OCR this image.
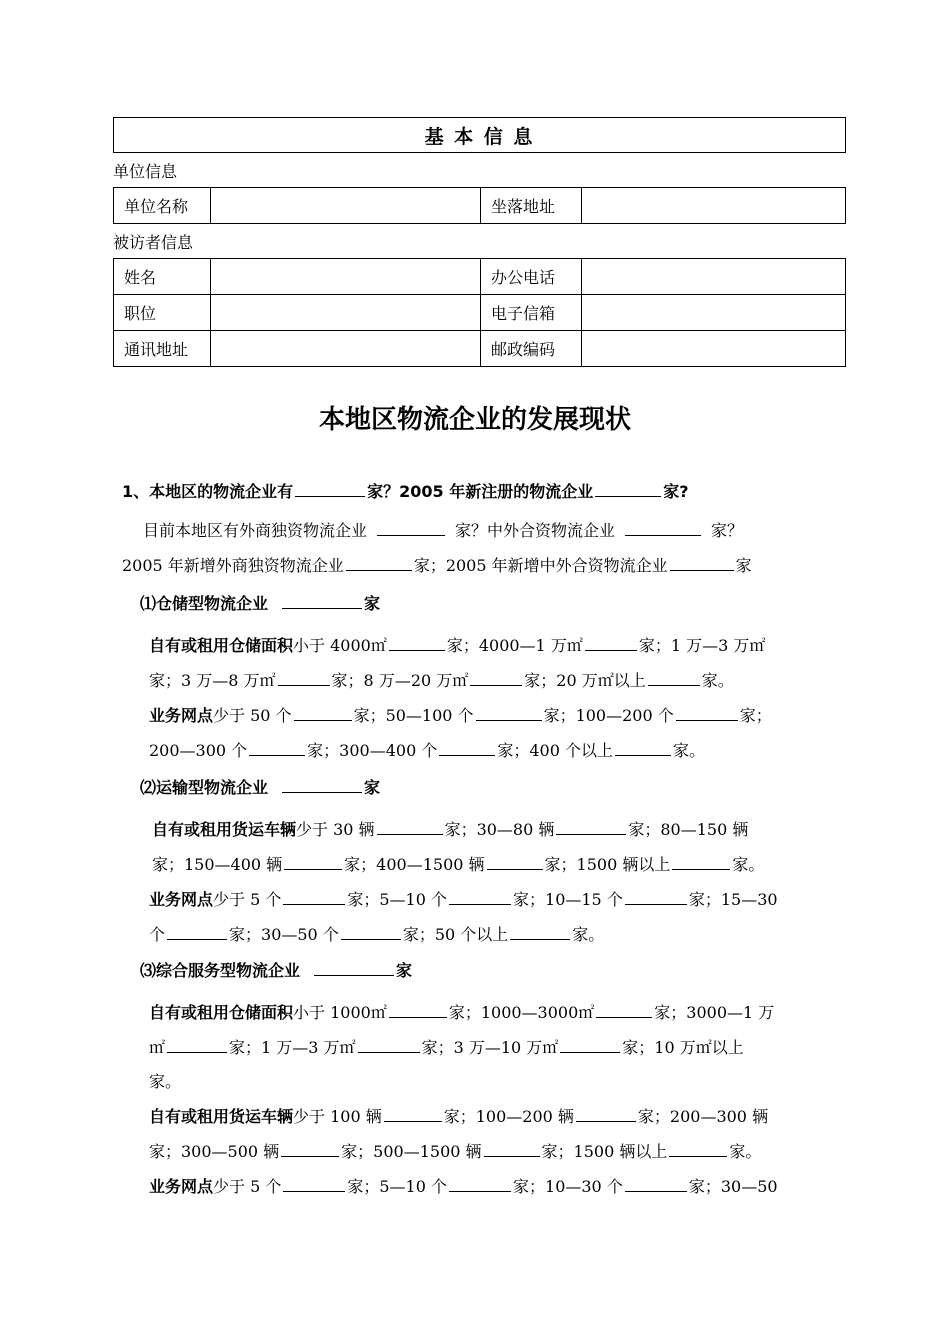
基 本 信 息
单位信息
单位名称	坐落地址
被访者信息
姓名	办公电话
职位	电子信箱
通讯地址	邮政编码
本地区物流企业的发展现状
1、本地区的物流企业有	家？2005 年新注册的物流企业	家?
目前本地区有外商独资物流企业	家？中外合资物流企业	家？
2005 年新增外商独资物流企业	家；2005 年新增中外合资物流企业	家
⑴仓储型物流企业	家
自有或租用仓储面积小于 4000㎡	家；4000—1 万㎡	家；1 万—3 万㎡
家；3 万—8 万㎡	家；8 万—20 万㎡	家；20 万㎡以上	家。
业务网点少于 50 个	家；50—100 个	家；100—200 个	家；
200—300 个	家；300—400 个	家；400 个以上	家。
⑵运输型物流企业	家
自有或租用货运车辆少于 30 辆	家；30—80 辆	家；80—150 辆
家；150—400 辆	家；400—1500 辆	家；1500 辆以上	家。
业务网点少于 5 个	家；5—10 个	家；10—15 个	家；15—30
个	家；30—50 个	家；50 个以上	家。
⑶综合服务型物流企业	家
自有或租用仓储面积小于 1000㎡	家；1000—3000㎡	家；3000—1 万
㎡	家；1 万—3 万㎡	家；3 万—10 万㎡	家；10 万㎡以上
家。
自有或租用货运车辆少于 100 辆	家；100—200 辆	家；200—300 辆
家；300—500 辆	家；500—1500 辆	家；1500 辆以上	家。
业务网点少于 5 个	家；5—10 个	家；10—30 个	家；30—50
